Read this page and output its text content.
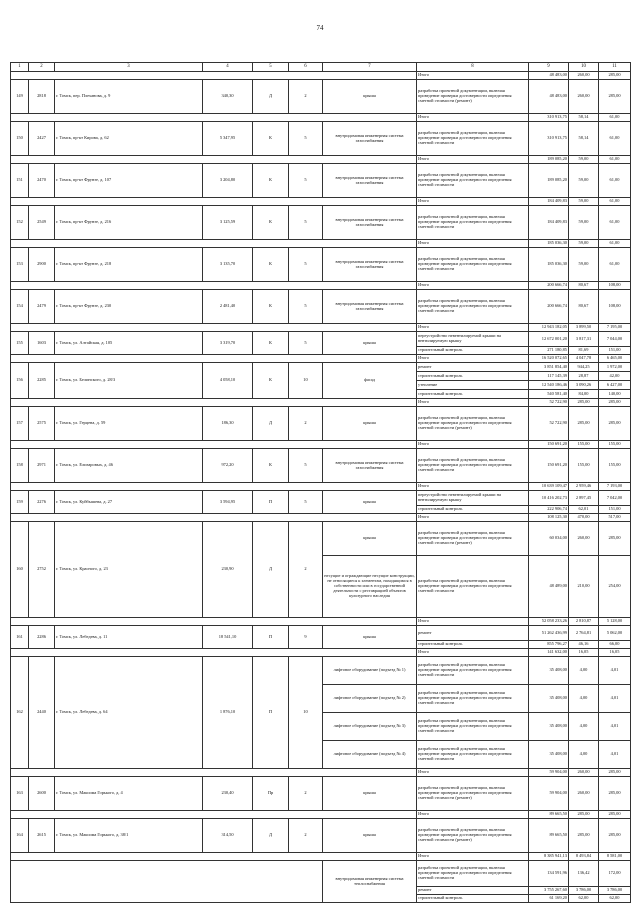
74
1	2	3	4	5	6	7	8	9	10	11
							Итого	48 483,00	260,00	285,00
149	2818	г. Томск, пер. Плеханова, д. 9	340,30	Д	2	крыша	разработка проектной документации, включая проведение проверки достоверности определения сметной стоимости (ремонт)	48 483,00	260,00	285,00
							Итого	310 913,75	58,14	61,00
150	2427	г. Томск, пр-кт Кирова, д. 62	5 347,95	К	5	внутридомовая инженерная система газоснабжения	разработка проектной документации, включая проведение проверки достоверности определения сметной стоимости	310 913,75	58,14	61,00
							Итого	189 085,20	59,00	61,00
151	2470	г. Томск, пр-кт Фрунзе, д. 107	3 204,80	К	5	внутридомовая инженерная система газоснабжения	разработка проектной документации, включая проведение проверки достоверности определения сметной стоимости	189 085,20	59,00	61,00
							Итого	184 409,83	59,00	61,00
152	2549	г. Томск, пр-кт Фрунзе, д. 216	3 125,59	К	5	внутридомовая инженерная система газоснабжения	разработка проектной документации, включая проведение проверки достоверности определения сметной стоимости	184 409,83	59,00	61,00
							Итого	185 036,30	59,00	61,00
153	2900	г. Томск, пр-кт Фрунзе, д. 218	3 135,70	К	5	внутридомовая инженерная система газоснабжения	разработка проектной документации, включая проведение проверки достоверности определения сметной стоимости	185 036,30	59,00	61,00
							Итого	200 666,74	80,67	108,00
154	2479	г. Томск, пр-кт Фрунзе, д. 230	2 481,40	К	5	внутридомовая инженерная система газоснабжения	разработка проектной документации, включая проведение проверки достоверности определения сметной стоимости	200 666,74	80,67	108,00
							Итого	12 943 182,05	3 899,50	7 195,00
155	1603	г. Томск, ул. Алтайская, д. 105	3 319,70	К	5	крыша	переустройство невентилируемой крыши на вентилируемую крышу	12 672 001,20	3 817,31	7 044,00
							строительный контроль	271 180,85	81,69	151,00
							Итого	16 520 072,65	4 047,78	6 465,00
156	2285	г. Томск, ул. Белинского, д. 28/3	4 058,10	К	10	фасад	ремонт	3 851 854,40	944,25	1 972,00
							строительный контроль	117 145,39	28,87	42,00
							утепление	12 540 186,46	3 090,26	6 427,00
							строительный контроль	540 581,40	84,00	140,00
							Итого	52 722,90	285,00	285,00
157	2575	г. Томск, ул. Герцена, д. 59	186,30	Д	2	крыша	разработка проектной документации, включая проведение проверки достоверности определения сметной стоимости (ремонт)	52 722,90	285,00	285,00
							Итого	150 691,20	155,00	155,00
158	2971	г. Томск, ул. Елизаровых, д. 46	972,20	К	5	внутридомовая инженерная система газоснабжения	разработка проектной документации, включая проведение проверки достоверности определения сметной стоимости	150 691,20	155,00	155,00
							Итого	10 639 109,47	2 959,46	7 193,00
159	2276	г. Томск, ул. Куйбышева, д. 27	3 594,95	П	5	крыша	переустройство невентилируемой крыши на вентилируемую крышу	10 416 202,73	2 897,45	7 042,00
							строительный контроль	222 906,74	62,01	151,00
							Итого	108 125,30	470,00	517,00
160	2752	г. Томск, ул. Красного, д. 23	230,90	Д	2	крыша	разработка проектной документации, включая проведение проверки достоверности определения сметной стоимости (ремонт)	60 034,00	260,00	285,00
						несущие и ограждающие несущие конструкции, не относящиеся к элементам, находящимся в собственности или в государственной деятельности с реставрацией объектов культурного наследия	разработка проектной документации, включая проведение проверки достоверности определения сметной стоимости	48 489,00	210,00	254,00
							Итого	52 058 233,26	2 810,87	5 128,00
161	2286	г. Томск, ул. Лебедева, д. 11	18 541,10	П	9	крыша	ремонт	51 262 436,99	2 764,81	5 062,00
							строительный контроль	855 796,27	46,16	66,00
							Итого	141 632,00	16,05	16,05
162	2440	г. Томск, ул. Лебедева, д. 64	1 876,10	П	10	лифтовое оборудование (подъезд № 1)	разработка проектной документации, включая проведение проверки достоверности определения сметной стоимости	35 408,00	4,00	4,01
						лифтовое оборудование (подъезд № 2)	разработка проектной документации, включая проведение проверки достоверности определения сметной стоимости	35 408,00	4,00	4,01
						лифтовое оборудование (подъезд № 3)	разработка проектной документации, включая проведение проверки достоверности определения сметной стоимости	35 408,00	4,00	4,01
						лифтовое оборудование (подъезд № 4)	разработка проектной документации, включая проведение проверки достоверности определения сметной стоимости	35 408,00	4,00	4,01
							Итого	59 904,00	260,00	285,00
163	2600	г. Томск, ул. Максима Горького, д. 4	230,40	Пр	2	крыша	разработка проектной документации, включая проведение проверки достоверности определения сметной стоимости (ремонт)	59 904,00	260,00	285,00
							Итого	89 665,50	285,00	285,00
164	2615	г. Томск, ул. Максима Горького, д. 38/1	314,50	Д	2	крыша	разработка проектной документации, включая проведение проверки достоверности определения сметной стоимости (ремонт)	89 665,50	285,00	285,00
							Итого	8 385 941,13	8 493,84	8 581,00
						внутридомовая инженерная система теплоснабжения	разработка проектной документации, включая проведение проверки достоверности определения сметной стоимости	134 591,96	136,42	172,00
							ремонт	3 755 267,60	3 786,00	3 786,00
							строительный контроль	61 169,20	62,00	62,00
